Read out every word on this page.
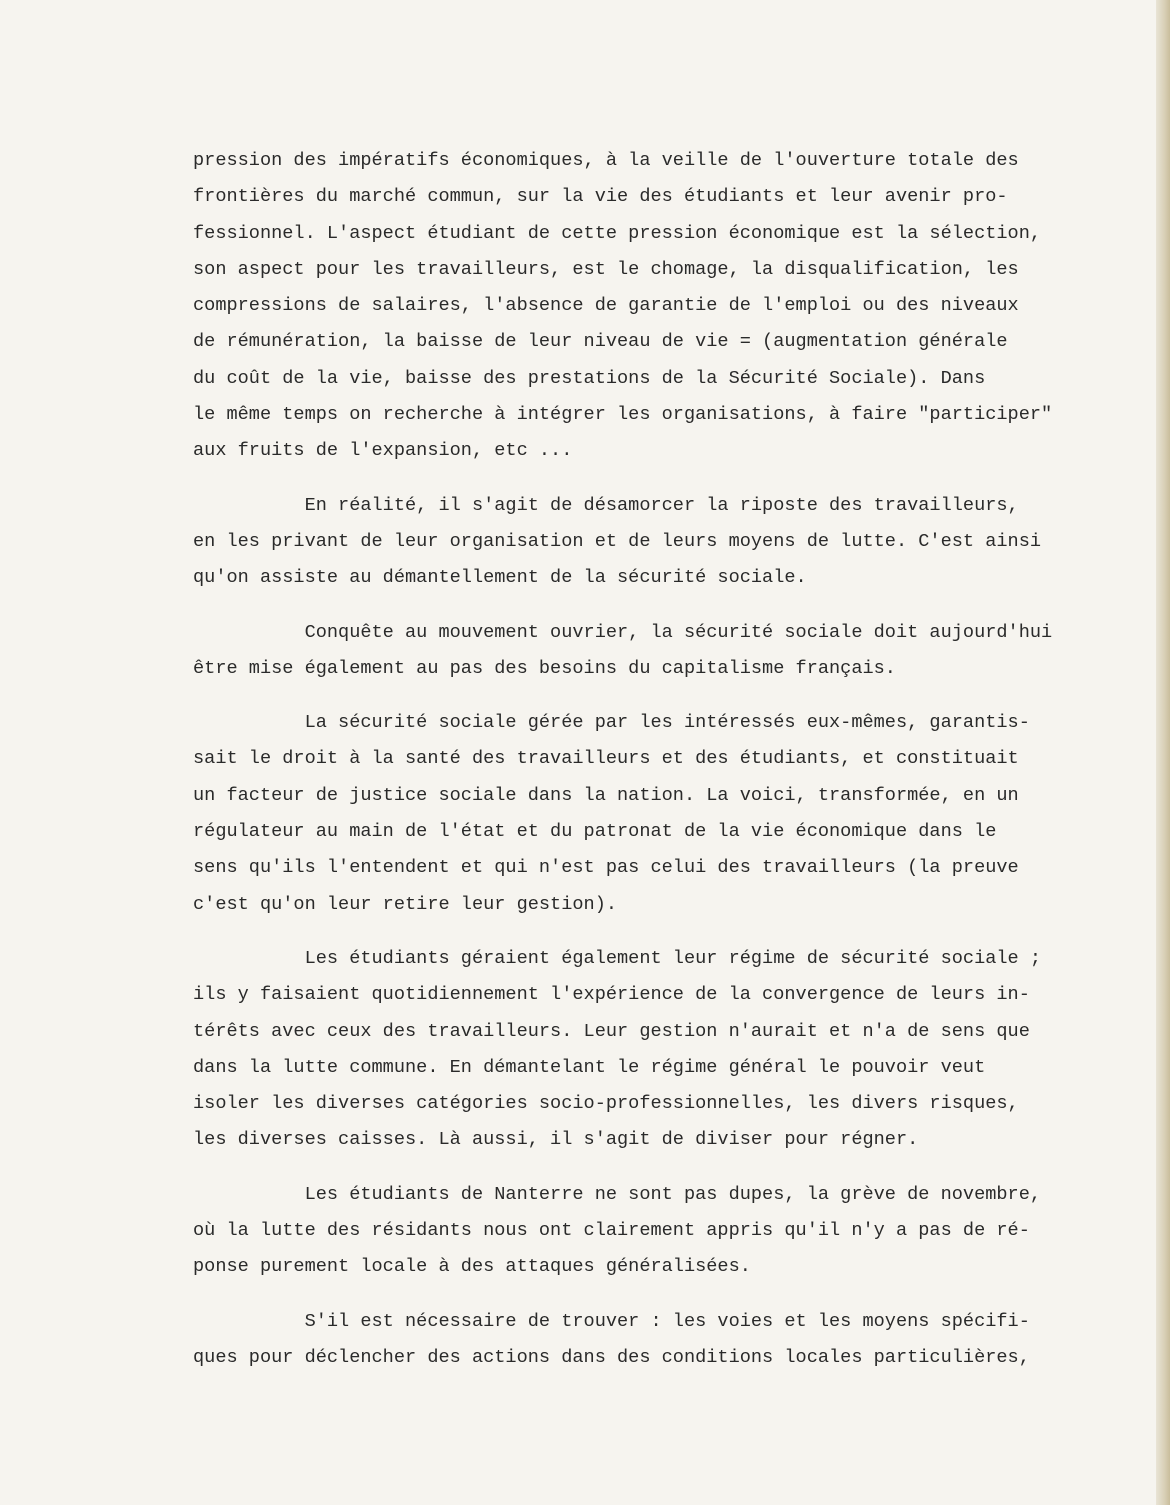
pression des impératifs économiques, à la veille de l'ouverture totale des
frontières du marché commun, sur la vie des étudiants et leur avenir pro-
fessionnel. L'aspect étudiant de cette pression économique est la sélection,
son aspect pour les travailleurs, est le chomage, la disqualification, les
compressions de salaires, l'absence de garantie de l'emploi ou des niveaux
de rémunération, la baisse de leur niveau de vie = (augmentation générale
du coût de la vie, baisse des prestations de la Sécurité Sociale). Dans
le même temps on recherche à intégrer les organisations, à faire "participer"
aux fruits de l'expansion, etc ...
En réalité, il s'agit de désamorcer la riposte des travailleurs,
en les privant de leur organisation et de leurs moyens de lutte. C'est ainsi
qu'on assiste au démantellement de la sécurité sociale.
Conquête au mouvement ouvrier, la sécurité sociale doit aujourd'hui
être mise également au pas des besoins du capitalisme français.
La sécurité sociale gérée par les intéressés eux-mêmes, garantis-
sait le droit à la santé des travailleurs et des étudiants, et constituait
un facteur de justice sociale dans la nation. La voici, transformée, en un
régulateur au main de l'état et du patronat de la vie économique dans le
sens qu'ils l'entendent et qui n'est pas celui des travailleurs (la preuve
c'est qu'on leur retire leur gestion).
Les étudiants géraient également leur régime de sécurité sociale ;
ils y faisaient quotidiennement l'expérience de la convergence de leurs in-
térêts avec ceux des travailleurs. Leur gestion n'aurait et n'a de sens que
dans la lutte commune. En démantelant le régime général le pouvoir veut
isoler les diverses catégories socio-professionnelles, les divers risques,
les diverses caisses. Là aussi, il s'agit de diviser pour régner.
Les étudiants de Nanterre ne sont pas dupes, la grève de novembre,
où la lutte des résidants nous ont clairement appris qu'il n'y a pas de ré-
ponse purement locale à des attaques généralisées.
S'il est nécessaire de trouver : les voies et les moyens spécifi-
ques pour déclencher des actions dans des conditions locales particulières,
